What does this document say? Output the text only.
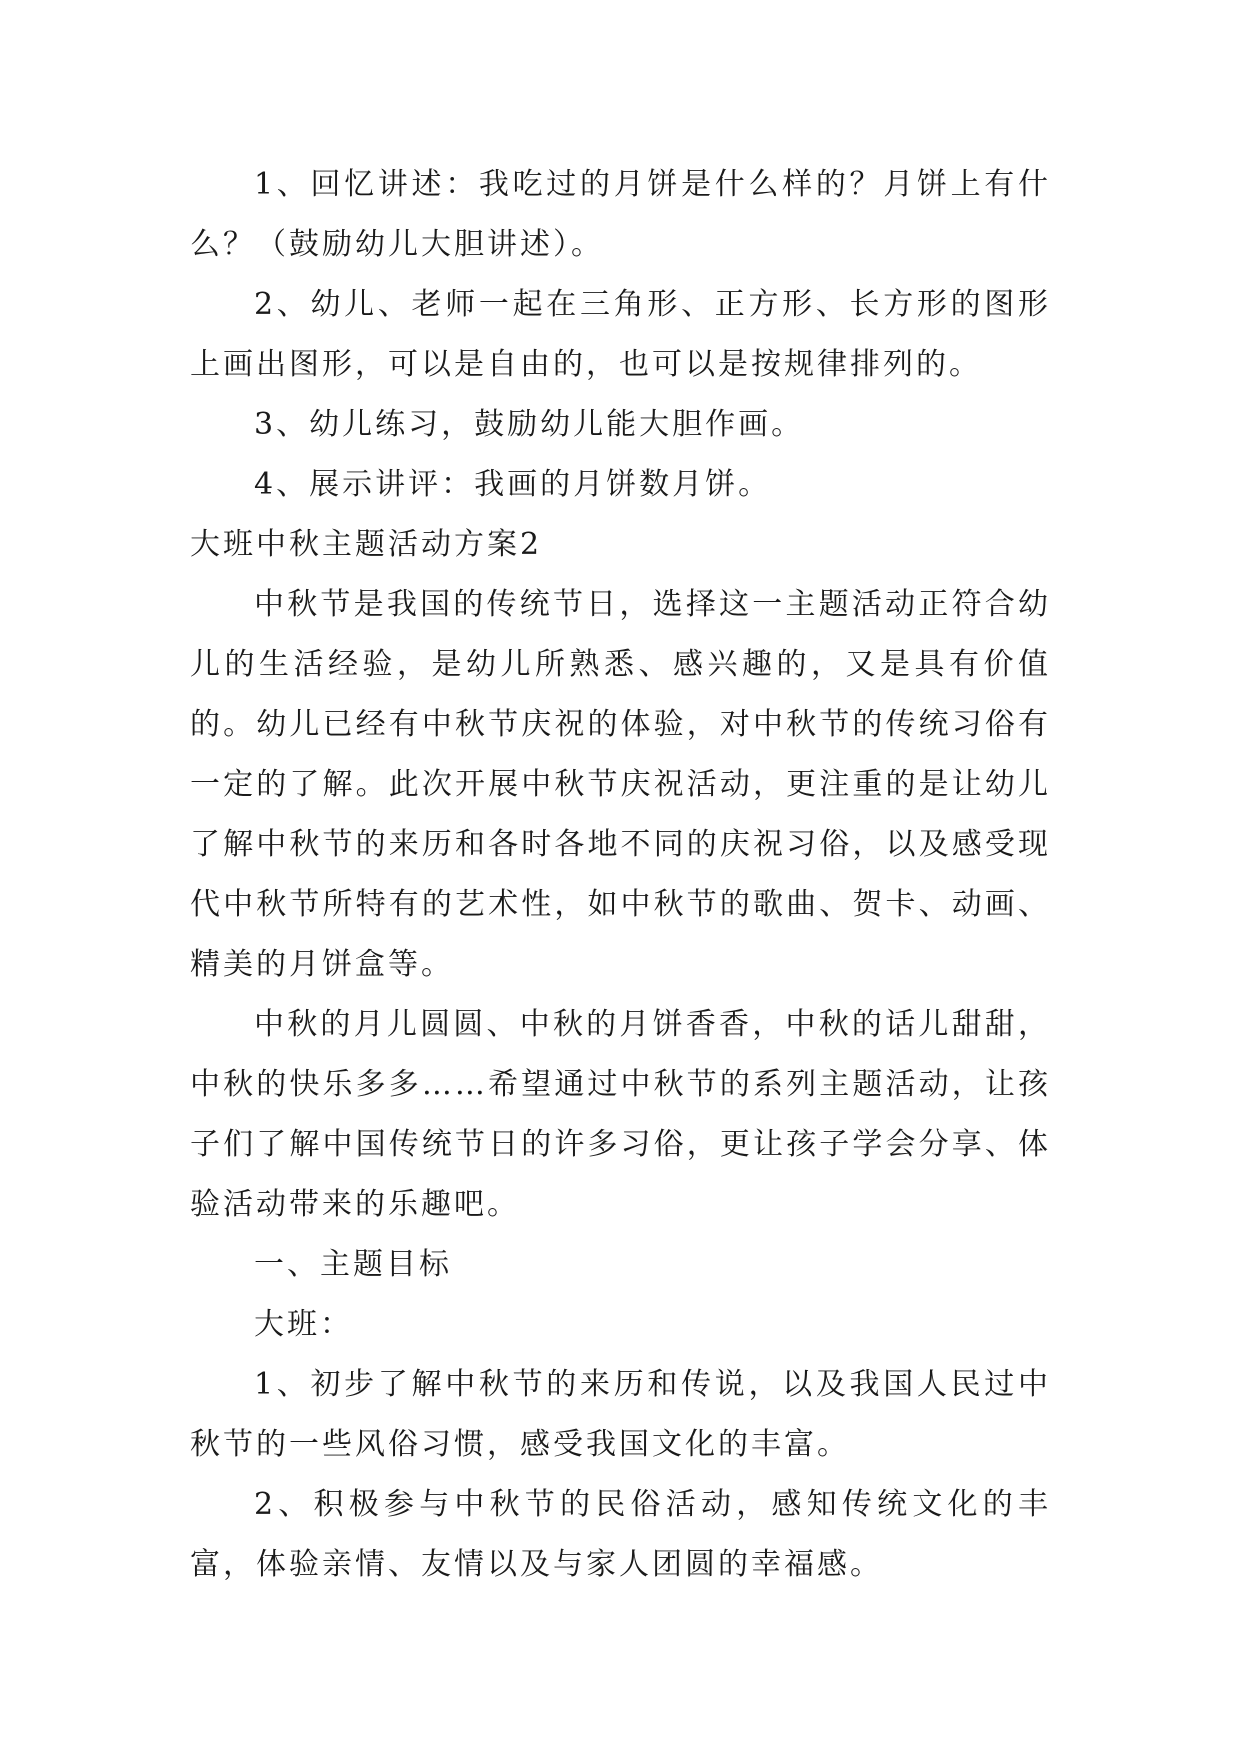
1、回忆讲述：我吃过的月饼是什么样的？月饼上有什么？（鼓励幼儿大胆讲述）。

2、幼儿、老师一起在三角形、正方形、长方形的图形上画出图形，可以是自由的，也可以是按规律排列的。

3、幼儿练习，鼓励幼儿能大胆作画。

4、展示讲评：我画的月饼数月饼。

大班中秋主题活动方案2

中秋节是我国的传统节日，选择这一主题活动正符合幼儿的生活经验，是幼儿所熟悉、感兴趣的，又是具有价值的。幼儿已经有中秋节庆祝的体验，对中秋节的传统习俗有一定的了解。此次开展中秋节庆祝活动，更注重的是让幼儿了解中秋节的来历和各时各地不同的庆祝习俗，以及感受现代中秋节所特有的艺术性，如中秋节的歌曲、贺卡、动画、精美的月饼盒等。

中秋的月儿圆圆、中秋的月饼香香，中秋的话儿甜甜，中秋的快乐多多……希望通过中秋节的系列主题活动，让孩子们了解中国传统节日的许多习俗，更让孩子学会分享、体验活动带来的乐趣吧。

一、主题目标

大班：

1、初步了解中秋节的来历和传说，以及我国人民过中秋节的一些风俗习惯，感受我国文化的丰富。

2、积极参与中秋节的民俗活动，感知传统文化的丰富，体验亲情、友情以及与家人团圆的幸福感。
